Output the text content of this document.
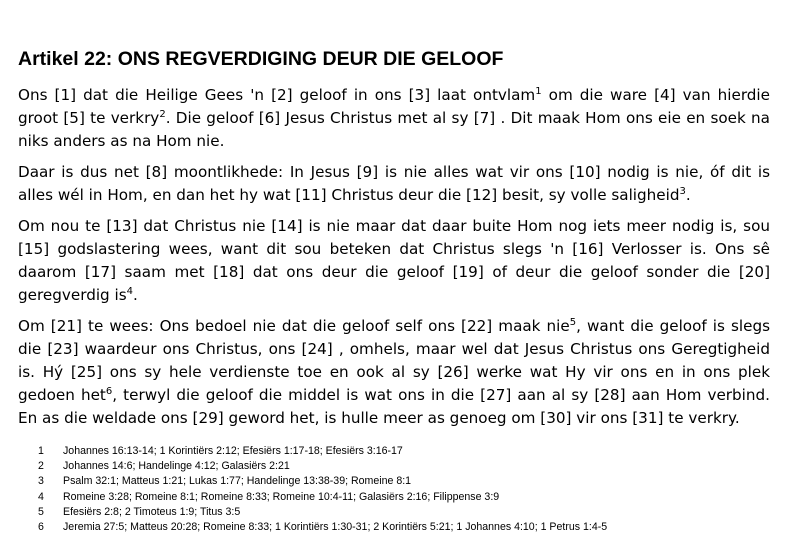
Artikel 22: ONS REGVERDIGING DEUR DIE GELOOF

Ons [1] dat die Heilige Gees 'n [2] geloof in ons [3] laat ontvlam$^1$ om die ware [4] van hierdie groot [5] te verkry$^2$. Die geloof [6] Jesus Christus met al sy [7] . Dit maak Hom ons eie en soek na niks anders as na Hom nie.

Daar is dus net [8] moontlikhede: In Jesus [9] is nie alles wat vir ons [10] nodig is nie, óf dit is alles wél in Hom, en dan het hy wat [11] Christus deur die [12] besit, sy volle saligheid$^3$.

Om nou te [13] dat Christus nie [14] is nie maar dat daar buite Hom nog iets meer nodig is, sou [15] godslastering wees, want dit sou beteken dat Christus slegs 'n [16] Verlosser is. Ons sê daarom [17] saam met [18] dat ons deur die geloof [19] of deur die geloof sonder die [20] geregverdig $is^4$.

Om [21] te wees: Ons bedoel nie dat die geloof self ons [22] maak nie$^5$, want die geloof is slegs die [23] waardeur ons Christus, ons [24] , omhels, maar wel dat Jesus Christus ons Geregtigheid is. Hý [25] ons sy hele verdienste toe en ook al sy [26] werke wat Hy vir ons en in ons plek gedoen het$^6$, terwyl die geloof die middel is wat ons in die [27] aan al sy [28] aan Hom verbind. En as die weldade ons [29] geword het, is hulle meer as genoeg om [30] vir ons [31] te verkry.

1	Johannes 16:13-14; 1 Korintiërs 2:12; Efesiërs 1:17-18; Efesiërs 3:16-17
2	Johannes 14:6; Handelinge 4:12; Galasiërs 2:21
3	Psalm 32:1; Matteus 1:21; Lukas 1:77; Handelinge 13:38-39; Romeine 8:1
4	Romeine 3:28; Romeine 8:1; Romeine 8:33; Romeine 10:4-11; Galasiërs 2:16; Filippense 3:9
5	Efesiërs 2:8; 2 Timoteus 1:9; Titus 3:5
6	Jeremia 27:5; Matteus 20:28; Romeine 8:33; 1 Korintiërs 1:30-31; 2 Korintiërs 5:21; 1 Johannes 4:10; 1 Petrus 1:4-5
